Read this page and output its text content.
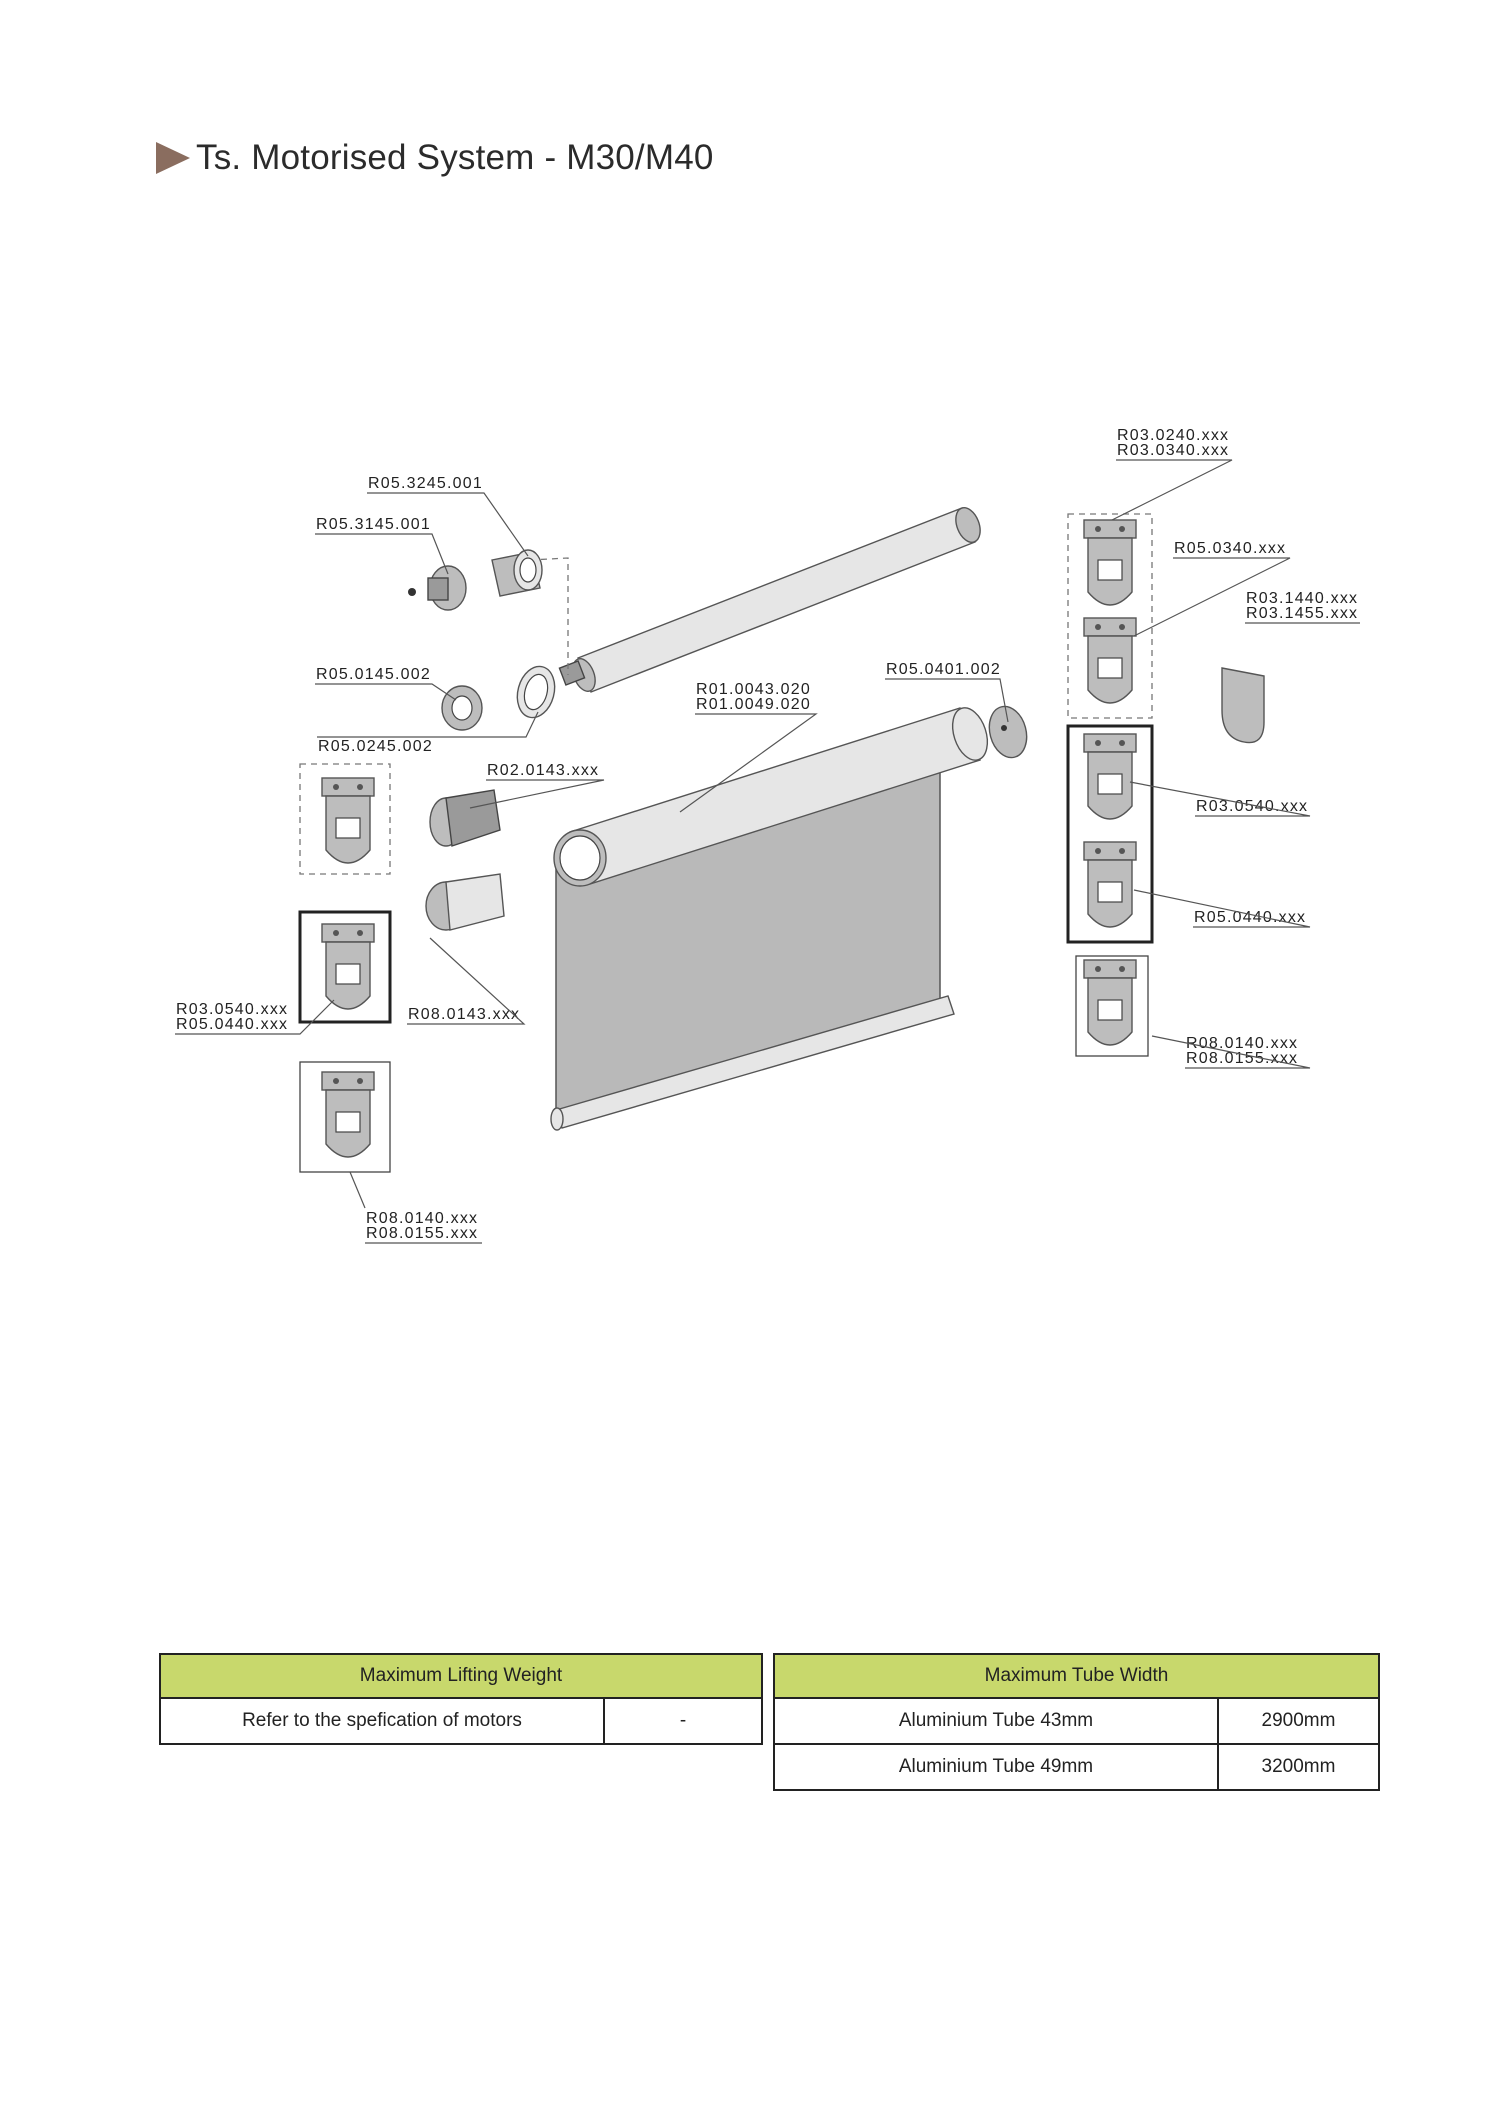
Ts. Motorised System - M30/M40
R05.3245.001
R05.3145.001
R05.0145.002
R05.0245.002
R02.0143.xxx
R01.0043.020
R01.0049.020
R05.0401.002
R03.0240.xxx
R03.0340.xxx
R05.0340.xxx
R03.1440.xxx
R03.1455.xxx
R03.0540.xxx
R05.0440.xxx
R08.0140.xxx
R08.0155.xxx
R03.0540.xxx
R05.0440.xxx
R08.0143.xxx
R08.0140.xxx
R08.0155.xxx
Maximum Lifting Weight
Refer to the spefication of motors	-
Maximum Tube Width	
Aluminium Tube 43mm	2900mm
Aluminium Tube 49mm	3200mm
